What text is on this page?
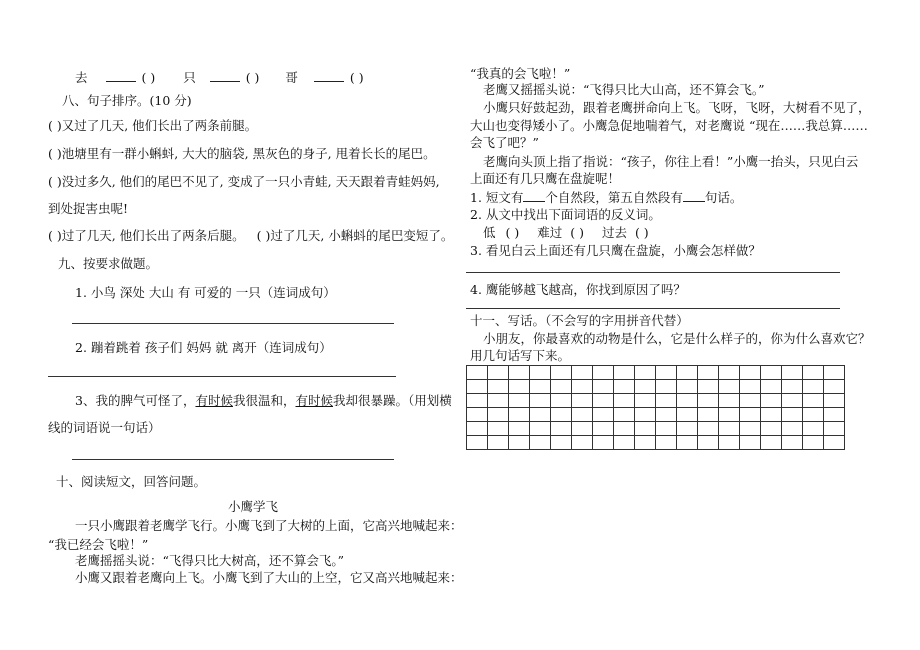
去	( ) 只	( ) 哥	( )
八、句子排序。(10 分)
( )又过了几天, 他们长出了两条前腿。
( )池塘里有一群小蝌蚪, 大大的脑袋, 黑灰色的身子, 甩着长长的尾巴。
( )没过多久, 他们的尾巴不见了, 变成了一只小青蛙, 天天跟着青蛙妈妈,
到处捉害虫呢!
( )过了几天, 他们长出了两条后腿。 ( )过了几天, 小蝌蚪的尾巴变短了。
九、按要求做题。
1. 小鸟 深处 大山 有 可爱的 一只（连词成句）
2. 蹦着跳着 孩子们 妈妈 就 离开（连词成句）
3、我的脾气可怪了，有时候我很温和，有时候我却很暴躁。（用划横
线的词语说一句话）
十、阅读短文，回答问题。
小鹰学飞
一只小鹰跟着老鹰学飞行。小鹰飞到了大树的上面，它高兴地喊起来：
“我已经会飞啦！”
老鹰摇摇头说：“飞得只比大树高，还不算会飞。”
小鹰又跟着老鹰向上飞。小鹰飞到了大山的上空，它又高兴地喊起来：
“我真的会飞啦！”
老鹰又摇摇头说：“飞得只比大山高，还不算会飞。”
小鹰只好鼓起劲，跟着老鹰拼命向上飞。飞呀，飞呀，大树看不见了，
大山也变得矮小了。小鹰急促地喘着气，对老鹰说 “现在……我总算……
会飞了吧？”
老鹰向头顶上指了指说：“孩子，你往上看！”小鹰一抬头，只见白云
上面还有几只鹰在盘旋呢！
1. 短文有 个自然段，第五自然段有 句话。
2. 从文中找出下面词语的反义词。
低 ( ) 难过 ( ) 过去 ( )
3. 看见白云上面还有几只鹰在盘旋，小鹰会怎样做？
4. 鹰能够越飞越高，你找到原因了吗？
十一、写话。（不会写的字用拼音代替）
小朋友，你最喜欢的动物是什么，它是什么样子的，你为什么喜欢它？
用几句话写下来。
